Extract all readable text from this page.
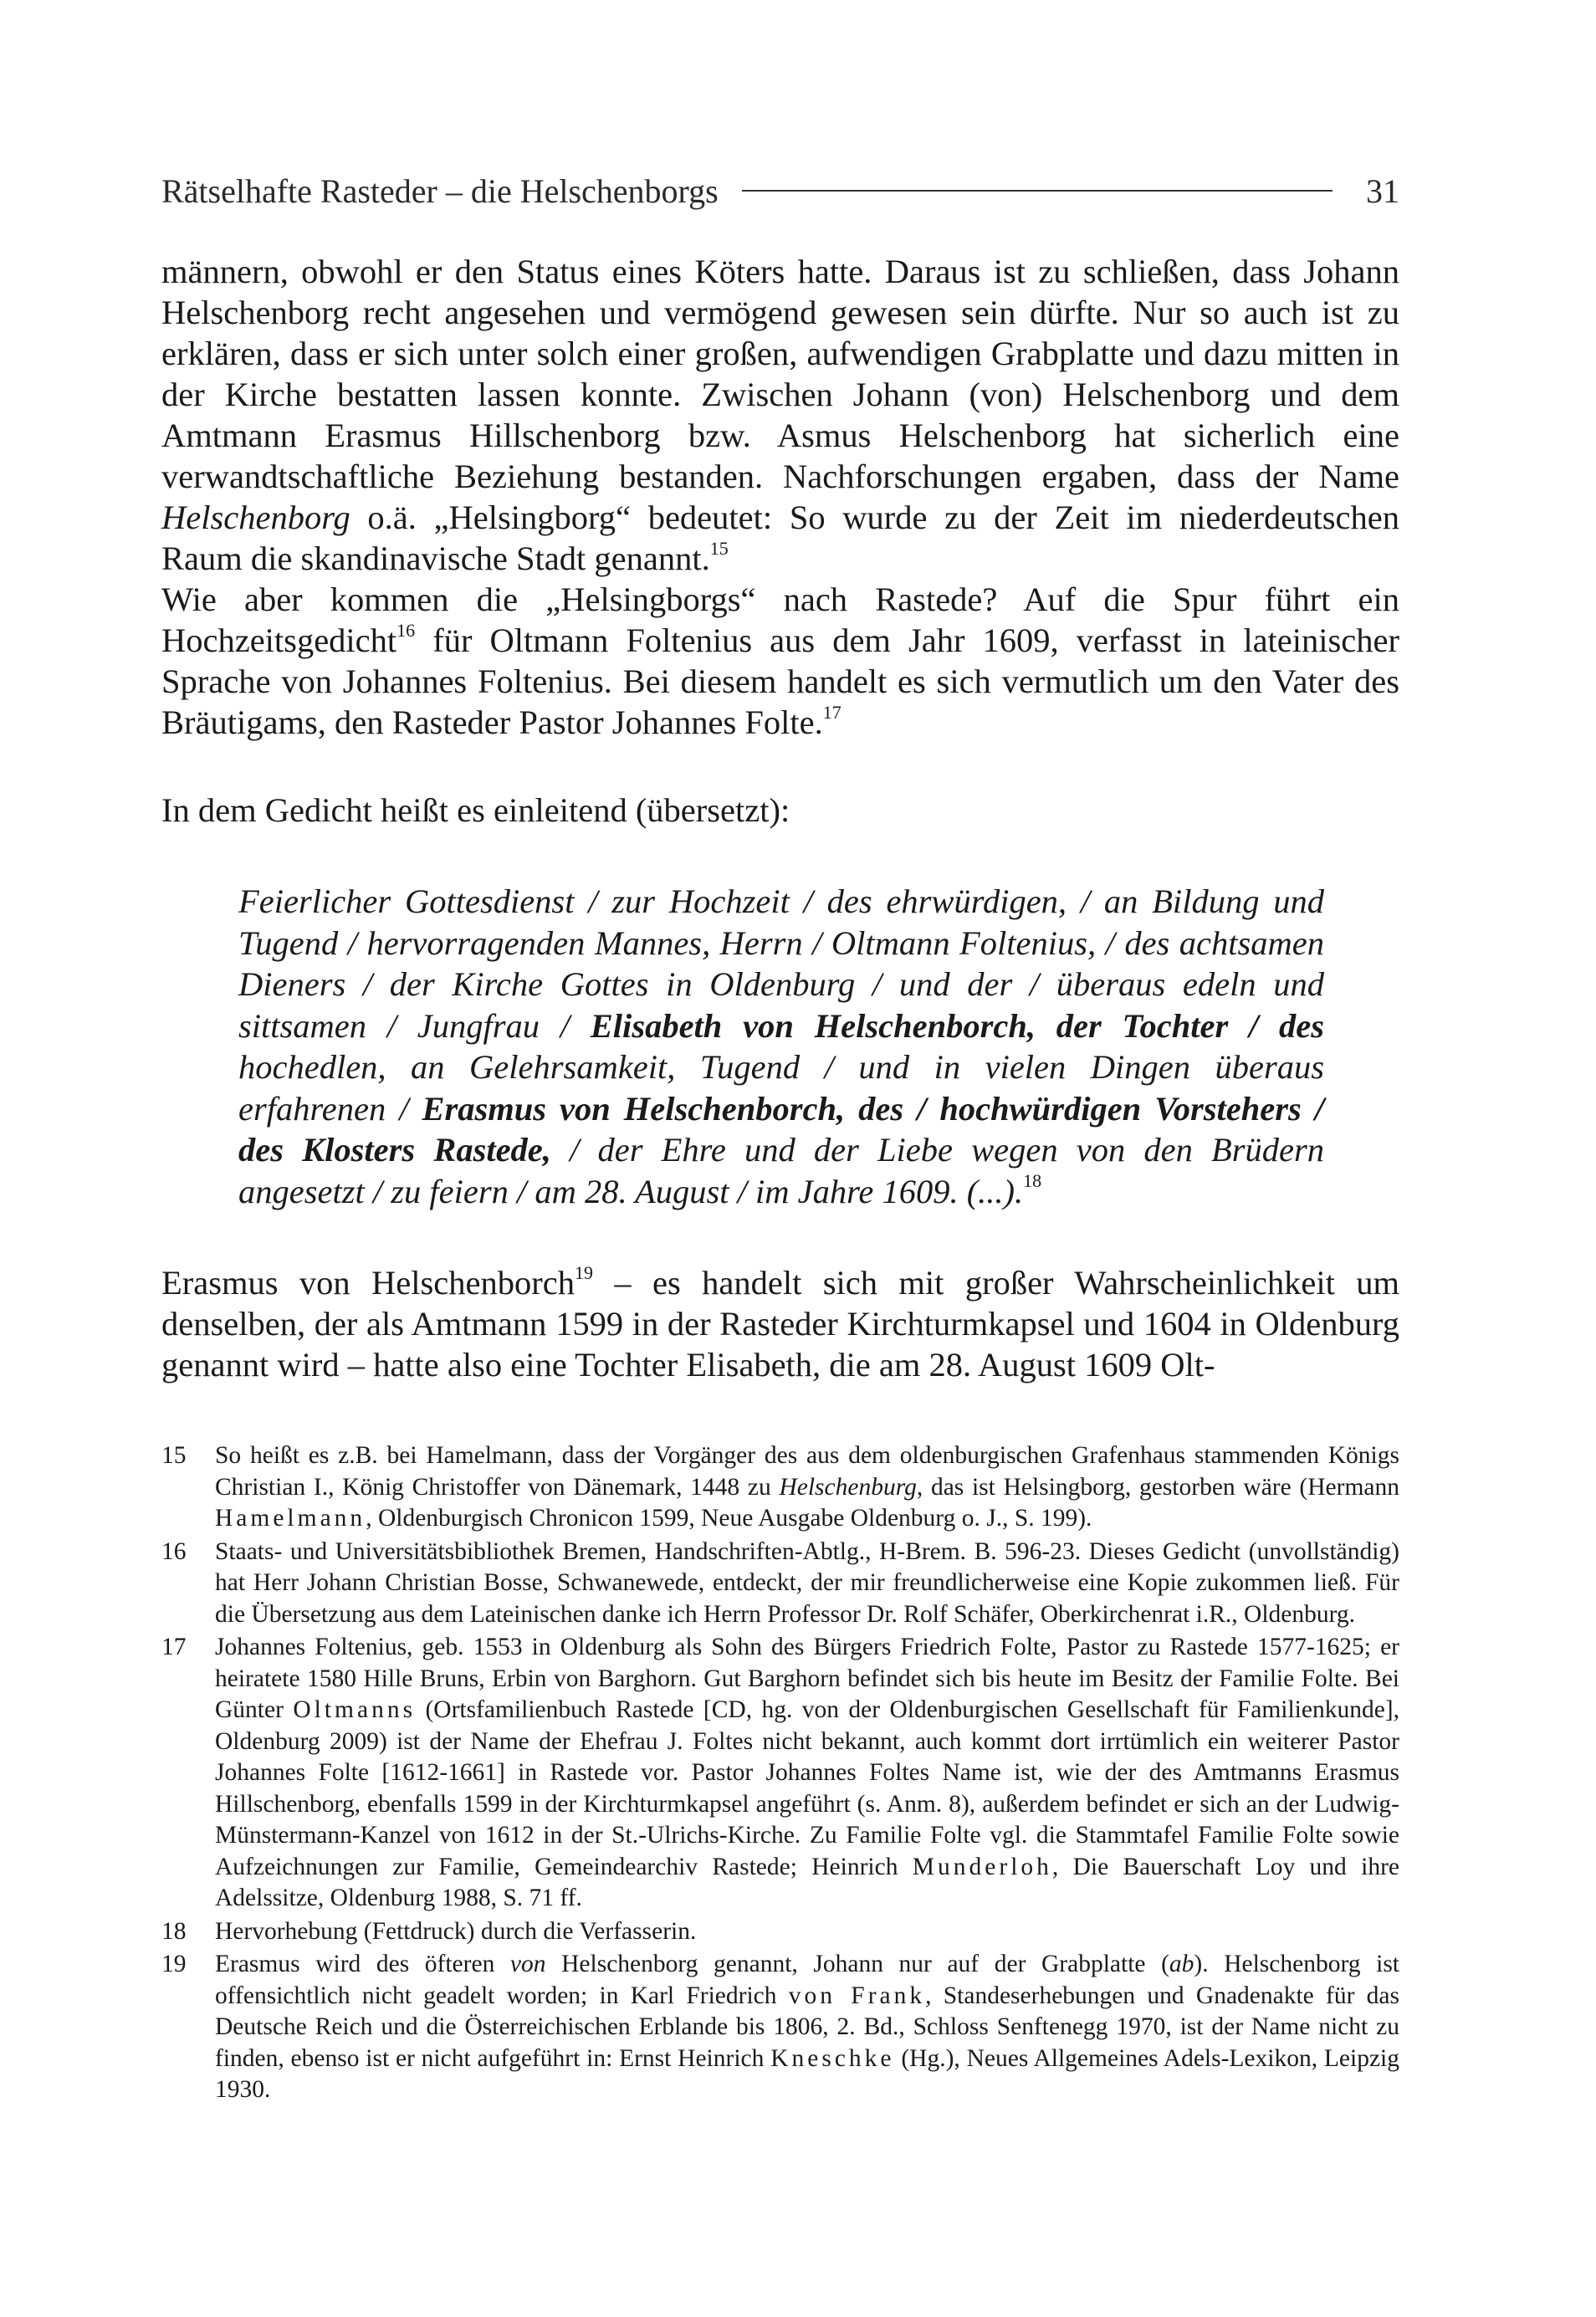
Rätselhafte Rasteder – die Helschenborgs	31

männern, obwohl er den Status eines Köters hatte. Daraus ist zu schließen, dass Johann Helschenborg recht angesehen und vermögend gewesen sein dürfte. Nur so auch ist zu erklären, dass er sich unter solch einer großen, aufwendigen Grabplatte und dazu mitten in der Kirche bestatten lassen konnte. Zwischen Johann (von) Helschenborg und dem Amtmann Erasmus Hillschenborg bzw. Asmus Helschenborg hat sicherlich eine verwandtschaftliche Beziehung bestanden. Nachforschungen ergaben, dass der Name Helschenborg o.ä. „Helsingborg“ bedeutet: So wurde zu der Zeit im niederdeutschen Raum die skandinavische Stadt genannt.$^{15}$

Wie aber kommen die „Helsingborgs“ nach Rastede? Auf die Spur führt ein Hochzeitsgedicht$^{16}$ für Oltmann Foltenius aus dem Jahr 1609, verfasst in lateinischer Sprache von Johannes Foltenius. Bei diesem handelt es sich vermutlich um den Vater des Bräutigams, den Rasteder Pastor Johannes Folte.$^{17}$

In dem Gedicht heißt es einleitend (übersetzt):

Feierlicher Gottesdienst / zur Hochzeit / des ehrwürdigen, / an Bildung und Tugend / hervorragenden Mannes, Herrn / Oltmann Foltenius, / des achtsamen Dieners / der Kirche Gottes in Oldenburg / und der / überaus edeln und sittsamen / Jungfrau / Elisabeth von Helschenborch, der Tochter / des hochedlen, an Gelehrsamkeit, Tugend / und in vielen Dingen überaus erfahrenen / Erasmus von Helschenborch, des / hochwürdigen Vorstehers / des Klosters Rastede, / der Ehre und der Liebe wegen von den Brüdern angesetzt / zu feiern / am 28. August / im Jahre 1609. (...).$^{18}$

Erasmus von Helschenborch$^{19}$ – es handelt sich mit großer Wahrscheinlichkeit um denselben, der als Amtmann 1599 in der Rasteder Kirchturmkapsel und 1604 in Oldenburg genannt wird – hatte also eine Tochter Elisabeth, die am 28. August 1609 Olt-

15	So heißt es z.B. bei Hamelmann, dass der Vorgänger des aus dem oldenburgischen Grafenhaus stammenden Königs Christian I., König Christoffer von Dänemark, 1448 zu Helschenburg, das ist Helsingborg, gestorben wäre (Hermann Hamelmann, Oldenburgisch Chronicon 1599, Neue Ausgabe Oldenburg o. J., S. 199).
16	Staats- und Universitätsbibliothek Bremen, Handschriften-Abtlg., H-Brem. B. 596-23. Dieses Gedicht (unvollständig) hat Herr Johann Christian Bosse, Schwanewede, entdeckt, der mir freundlicherweise eine Kopie zukommen ließ. Für die Übersetzung aus dem Lateinischen danke ich Herrn Professor Dr. Rolf Schäfer, Oberkirchenrat i.R., Oldenburg.
17	Johannes Foltenius, geb. 1553 in Oldenburg als Sohn des Bürgers Friedrich Folte, Pastor zu Rastede 1577-1625; er heiratete 1580 Hille Bruns, Erbin von Barghorn. Gut Barghorn befindet sich bis heute im Besitz der Familie Folte. Bei Günter Oltmanns (Ortsfamilienbuch Rastede [CD, hg. von der Oldenburgischen Gesellschaft für Familienkunde], Oldenburg 2009) ist der Name der Ehefrau J. Foltes nicht bekannt, auch kommt dort irrtümlich ein weiterer Pastor Johannes Folte [1612-1661] in Rastede vor. Pastor Johannes Foltes Name ist, wie der des Amtmanns Erasmus Hillschenborg, ebenfalls 1599 in der Kirchturmkapsel angeführt (s. Anm. 8), außerdem befindet er sich an der Ludwig-Münstermann-Kanzel von 1612 in der St.-Ulrichs-Kirche. Zu Familie Folte vgl. die Stammtafel Familie Folte sowie Aufzeichnungen zur Familie, Gemeindearchiv Rastede; Heinrich Munderloh, Die Bauerschaft Loy und ihre Adelssitze, Oldenburg 1988, S. 71 ff.
18	Hervorhebung (Fettdruck) durch die Verfasserin.
19	Erasmus wird des öfteren von Helschenborg genannt, Johann nur auf der Grabplatte (ab). Helschenborg ist offensichtlich nicht geadelt worden; in Karl Friedrich von Frank, Standeserhebungen und Gnadenakte für das Deutsche Reich und die Österreichischen Erblande bis 1806, 2. Bd., Schloss Senftenegg 1970, ist der Name nicht zu finden, ebenso ist er nicht aufgeführt in: Ernst Heinrich Kneschke (Hg.), Neues Allgemeines Adels-Lexikon, Leipzig 1930.
